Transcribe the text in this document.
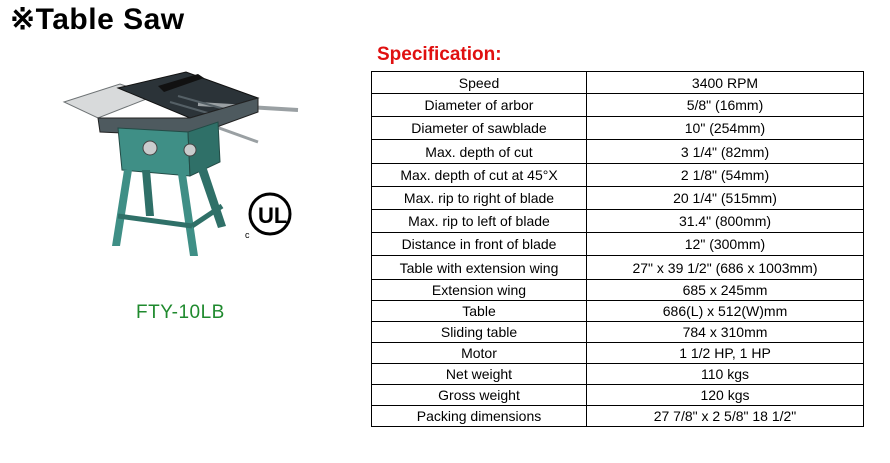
※Table Saw
UL
c
FTY-10LB
Specification:
Speed	3400 RPM
Diameter of arbor	5/8" (16mm)
Diameter of sawblade	10" (254mm)
Max. depth of cut	3 1/4" (82mm)
Max. depth of cut at 45°X	2 1/8" (54mm)
Max. rip to right of blade	20 1/4" (515mm)
Max. rip to left of blade	31.4" (800mm)
Distance in front of blade	12" (300mm)
Table with extension wing	27" x 39 1/2" (686 x 1003mm)
Extension wing	685 x 245mm
Table	686(L) x 512(W)mm
Sliding table	784 x 310mm
Motor	1 1/2 HP, 1 HP
Net weight	110 kgs
Gross weight	120 kgs
Packing dimensions	27 7/8" x 2 5/8" 18 1/2"
